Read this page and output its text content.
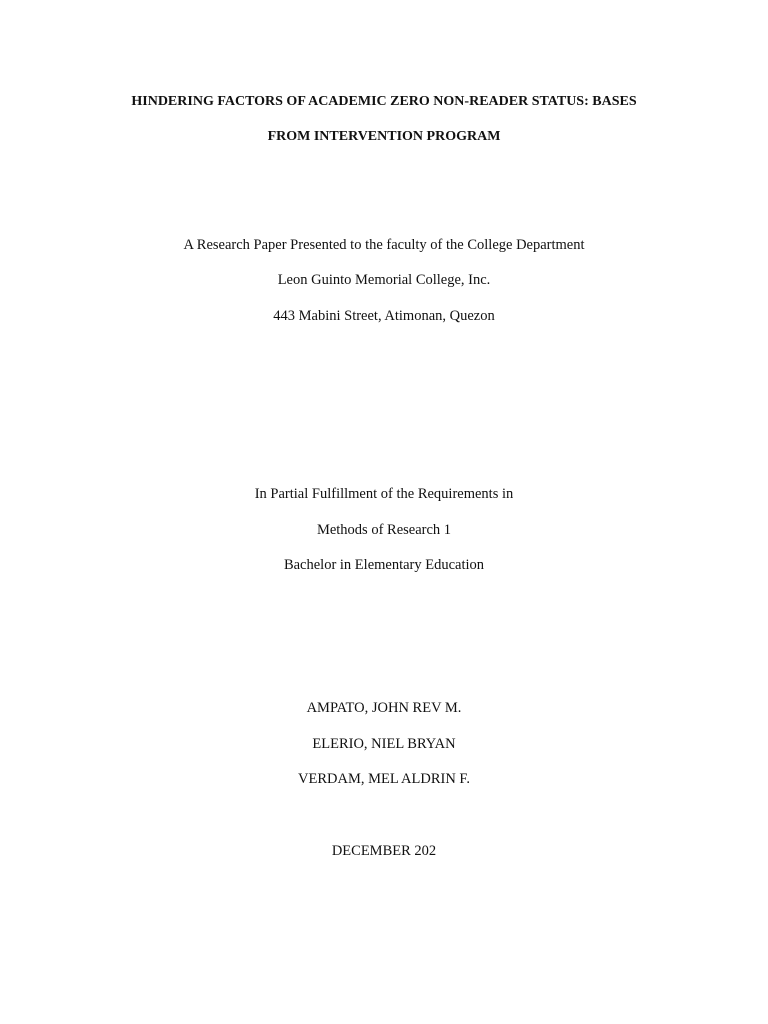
HINDERING FACTORS OF ACADEMIC ZERO NON-READER STATUS: BASES
FROM INTERVENTION PROGRAM
A Research Paper Presented to the faculty of the College Department
Leon Guinto Memorial College, Inc.
443 Mabini Street, Atimonan, Quezon
In Partial Fulfillment of the Requirements in
Methods of Research 1
Bachelor in Elementary Education
AMPATO, JOHN REV M.
ELERIO, NIEL BRYAN
VERDAM, MEL ALDRIN F.
DECEMBER 202
